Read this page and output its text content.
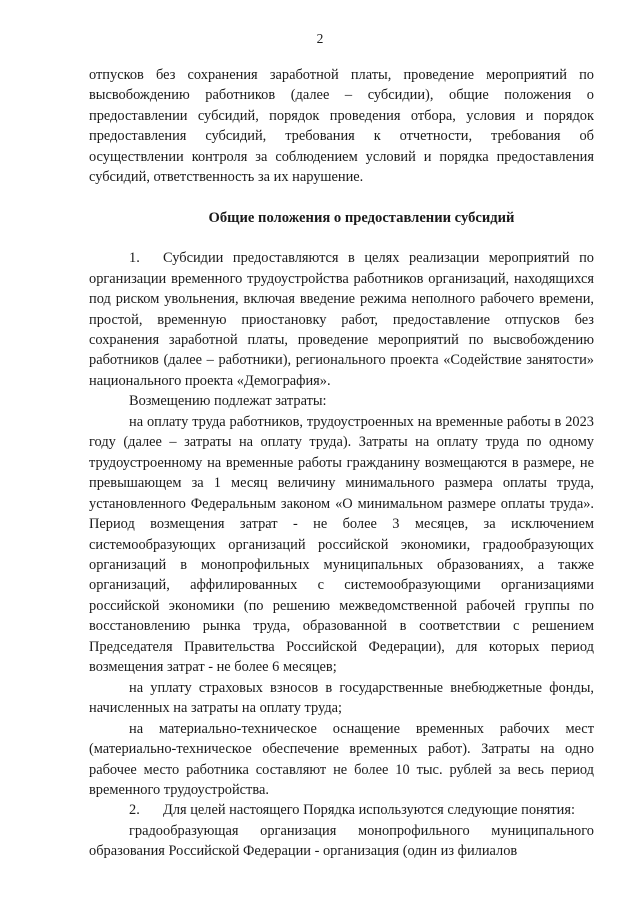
2

отпусков без сохранения заработной платы, проведение мероприятий по высвобождению работников (далее – субсидии), общие положения о предоставлении субсидий, порядок проведения отбора, условия и порядок предоставления субсидий, требования к отчетности, требования об осуществлении контроля за соблюдением условий и порядка предоставления субсидий, ответственность за их нарушение.

Общие положения о предоставлении субсидий

1. Субсидии предоставляются в целях реализации мероприятий по организации временного трудоустройства работников организаций, находящихся под риском увольнения, включая введение режима неполного рабочего времени, простой, временную приостановку работ, предоставление отпусков без сохранения заработной платы, проведение мероприятий по высвобождению работников (далее – работники), регионального проекта «Содействие занятости» национального проекта «Демография».

Возмещению подлежат затраты:

на оплату труда работников, трудоустроенных на временные работы в 2023 году (далее – затраты на оплату труда). Затраты на оплату труда по одному трудоустроенному на временные работы гражданину возмещаются в размере, не превышающем за 1 месяц величину минимального размера оплаты труда, установленного Федеральным законом «О минимальном размере оплаты труда». Период возмещения затрат - не более 3 месяцев, за исключением системообразующих организаций российской экономики, градообразующих организаций в монопрофильных муниципальных образованиях, а также организаций, аффилированных с системообразующими организациями российской экономики (по решению межведомственной рабочей группы по восстановлению рынка труда, образованной в соответствии с решением Председателя Правительства Российской Федерации), для которых период возмещения затрат - не более 6 месяцев;

на уплату страховых взносов в государственные внебюджетные фонды, начисленных на затраты на оплату труда;

на материально-техническое оснащение временных рабочих мест (материально-техническое обеспечение временных работ). Затраты на одно рабочее место работника составляют не более 10 тыс. рублей за весь период временного трудоустройства.

2. Для целей настоящего Порядка используются следующие понятия:

градообразующая организация монопрофильного муниципального образования Российской Федерации - организация (один из филиалов
